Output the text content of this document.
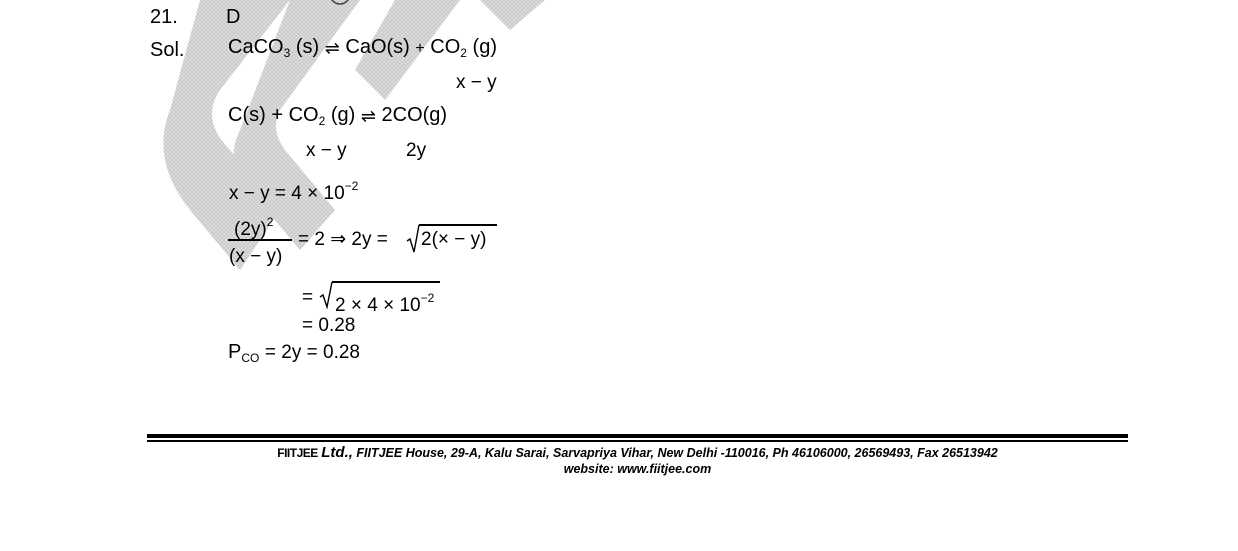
21. D
Sol. CaCO$_3$ (s) ⇌ $CaO(s) + CO_2$ (g)
x − y
$C(s) + CO_2$ (g) ⇌ 2CO(g)
x − y	2y
$x - y = 4 \times 10^{-2}$
$(2y)^2$
(x − y)
= 2 ⇒ 2y = 2(× − y)
= $2 \times 4 \times 10^{-2}$
= 0.28
$P_{CO} = 2y = 0.28$
FIITJEE Ltd., FIITJEE House, 29-A, Kalu Sarai, Sarvapriya Vihar, New Delhi -110016, Ph 46106000, 26569493, Fax 26513942
website: www.fiitjee.com
